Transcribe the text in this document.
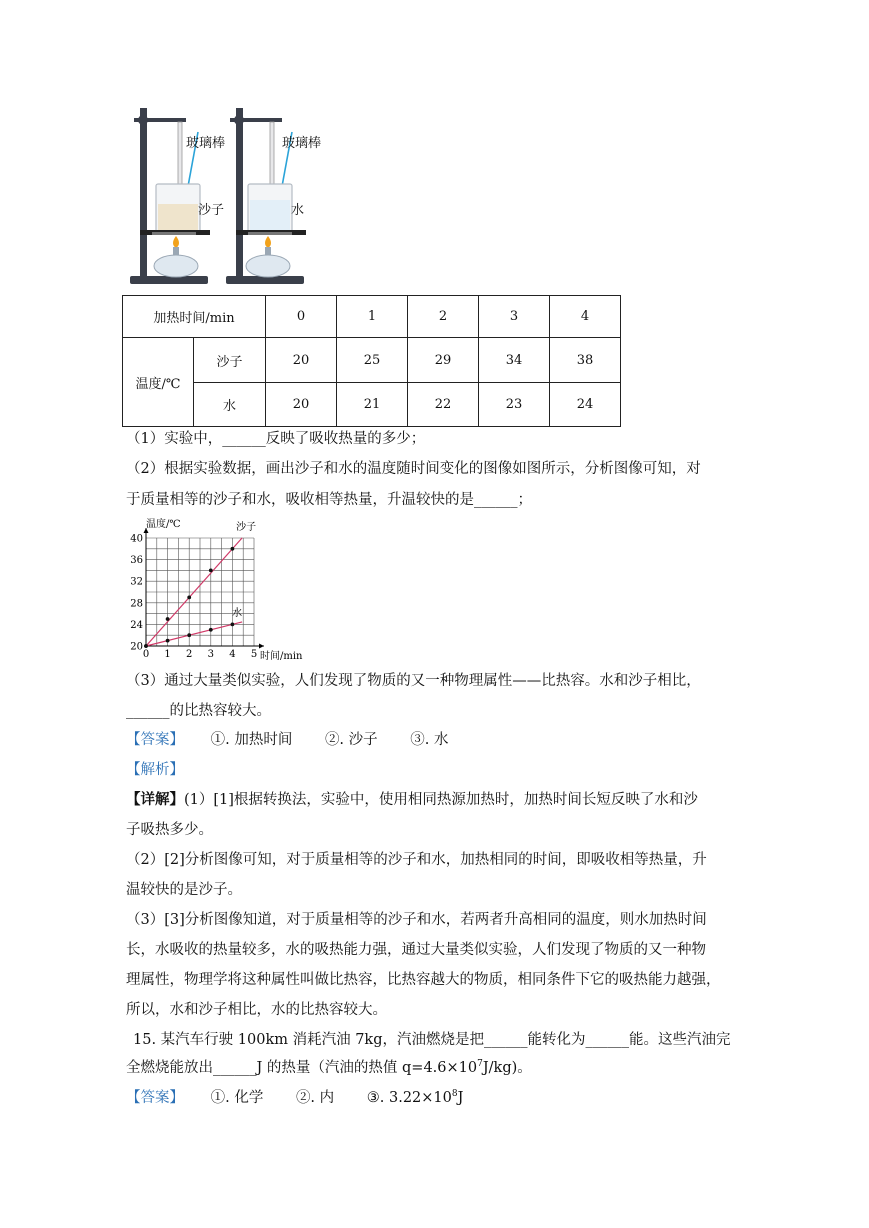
玻璃棒
沙子
玻璃棒
水
加热时间/min		0	1	2	3	4
温度/℃	沙子	20	25	29	34	38
	水	20	21	22	23	24
（1）实验中，______反映了吸收热量的多少；
（2）根据实验数据，画出沙子和水的温度随时间变化的图像如图所示，分析图像可知，对
于质量相等的沙子和水，吸收相等热量，升温较快的是______；
0 1 2 3 4 5
20
24
28
32
36
40
温度/℃
时间/min
沙子
水
（3）通过大量类似实验，人们发现了物质的又一种物理属性——比热容。水和沙子相比，
______的比热容较大。
【答案】 ①. 加热时间 ②. 沙子 ③. 水
【解析】
【详解】(1）[1]根据转换法，实验中，使用相同热源加热时，加热时间长短反映了水和沙
子吸热多少。
（2）[2]分析图像可知，对于质量相等的沙子和水，加热相同的时间，即吸收相等热量，升
温较快的是沙子。
（3）[3]分析图像知道，对于质量相等的沙子和水，若两者升高相同的温度，则水加热时间
长，水吸收的热量较多，水的吸热能力强，通过大量类似实验，人们发现了物质的又一种物
理属性，物理学将这种属性叫做比热容，比热容越大的物质，相同条件下它的吸热能力越强，
所以，水和沙子相比，水的比热容较大。
15. 某汽车行驶 100km 消耗汽油 7kg，汽油燃烧是把______能转化为______能。这些汽油完
全燃烧能放出______J 的热量（汽油的热值 $q=4.6\times 10^7J/kg$)。
【答案】 ①. 化学 ②. 内 ③. $3.22\times 10^8J$
